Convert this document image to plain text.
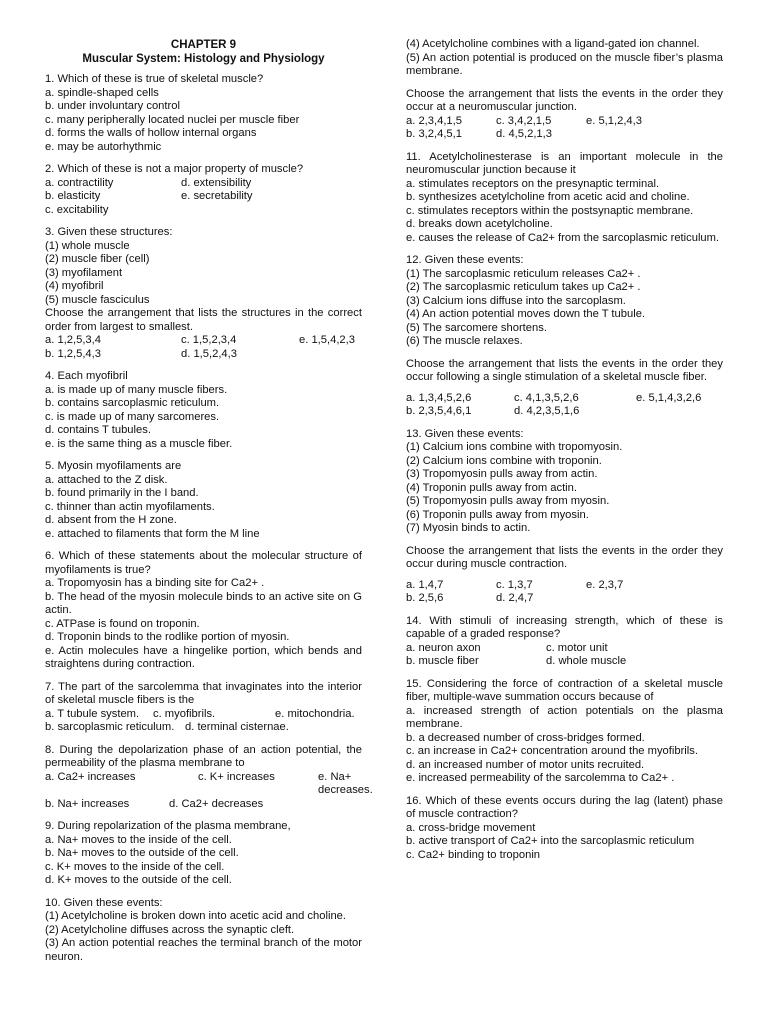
CHAPTER 9
Muscular System: Histology and Physiology
1. Which of these is true of skeletal muscle?
a. spindle-shaped cells
b. under involuntary control
c. many peripherally located nuclei per muscle fiber
d. forms the walls of hollow internal organs
e. may be autorhythmic
2. Which of these is not a major property of muscle?
a. contractility	d. extensibility
b. elasticity	e. secretability
c. excitability
3. Given these structures:
(1) whole muscle
(2) muscle fiber (cell)
(3) myofilament
(4) myofibril
(5) muscle fasciculus
Choose the arrangement that lists the structures in the correct order from largest to smallest.
a. 1,2,5,3,4	c. 1,5,2,3,4	e. 1,5,4,2,3
b. 1,2,5,4,3	d. 1,5,2,4,3
4. Each myofibril
a. is made up of many muscle fibers.
b. contains sarcoplasmic reticulum.
c. is made up of many sarcomeres.
d. contains T tubules.
e. is the same thing as a muscle fiber.
5. Myosin myofilaments are
a. attached to the Z disk.
b. found primarily in the I band.
c. thinner than actin myofilaments.
d. absent from the H zone.
e. attached to filaments that form the M line
6. Which of these statements about the molecular structure of myofilaments is true?
a. Tropomyosin has a binding site for Ca2+ .
b. The head of the myosin molecule binds to an active site on G actin.
c. ATPase is found on troponin.
d. Troponin binds to the rodlike portion of myosin.
e. Actin molecules have a hingelike portion, which bends and straightens during contraction.
7. The part of the sarcolemma that invaginates into the interior of skeletal muscle fibers is the
a. T tubule system.	c. myofibrils.	e. mitochondria.
b. sarcoplasmic reticulum. d. terminal cisternae.
8. During the depolarization phase of an action potential, the permeability of the plasma membrane to
a. Ca2+ increases	c. K+ increases	e. Na+ decreases.
b. Na+ increases	d. Ca2+ decreases
9. During repolarization of the plasma membrane,
a. Na+ moves to the inside of the cell.
b. Na+ moves to the outside of the cell.
c. K+ moves to the inside of the cell.
d. K+ moves to the outside of the cell.
10. Given these events:
(1) Acetylcholine is broken down into acetic acid and choline.
(2) Acetylcholine diffuses across the synaptic cleft.
(3) An action potential reaches the terminal branch of the motor neuron.
(4) Acetylcholine combines with a ligand-gated ion channel.
(5) An action potential is produced on the muscle fiber’s plasma membrane.
Choose the arrangement that lists the events in the order they occur at a neuromuscular junction.
a. 2,3,4,1,5	c. 3,4,2,1,5	e. 5,1,2,4,3
b. 3,2,4,5,1	d. 4,5,2,1,3
11. Acetylcholinesterase is an important molecule in the neuromuscular junction because it
a. stimulates receptors on the presynaptic terminal.
b. synthesizes acetylcholine from acetic acid and choline.
c. stimulates receptors within the postsynaptic membrane.
d. breaks down acetylcholine.
e. causes the release of Ca2+ from the sarcoplasmic reticulum.
12. Given these events:
(1) The sarcoplasmic reticulum releases Ca2+ .
(2) The sarcoplasmic reticulum takes up Ca2+ .
(3) Calcium ions diffuse into the sarcoplasm.
(4) An action potential moves down the T tubule.
(5) The sarcomere shortens.
(6) The muscle relaxes.
Choose the arrangement that lists the events in the order they occur following a single stimulation of a skeletal muscle fiber.
a. 1,3,4,5,2,6	c. 4,1,3,5,2,6	e. 5,1,4,3,2,6
b. 2,3,5,4,6,1	d. 4,2,3,5,1,6
13. Given these events:
(1) Calcium ions combine with tropomyosin.
(2) Calcium ions combine with troponin.
(3) Tropomyosin pulls away from actin.
(4) Troponin pulls away from actin.
(5) Tropomyosin pulls away from myosin.
(6) Troponin pulls away from myosin.
(7) Myosin binds to actin.
Choose the arrangement that lists the events in the order they occur during muscle contraction.
a. 1,4,7	c. 1,3,7	e. 2,3,7
b. 2,5,6	d. 2,4,7
14. With stimuli of increasing strength, which of these is capable of a graded response?
a. neuron axon	c. motor unit
b. muscle fiber	d. whole muscle
15. Considering the force of contraction of a skeletal muscle fiber, multiple-wave summation occurs because of
a. increased strength of action potentials on the plasma membrane.
b. a decreased number of cross-bridges formed.
c. an increase in Ca2+ concentration around the myofibrils.
d. an increased number of motor units recruited.
e. increased permeability of the sarcolemma to Ca2+ .
16. Which of these events occurs during the lag (latent) phase of muscle contraction?
a. cross-bridge movement
b. active transport of Ca2+ into the sarcoplasmic reticulum
c. Ca2+ binding to troponin
